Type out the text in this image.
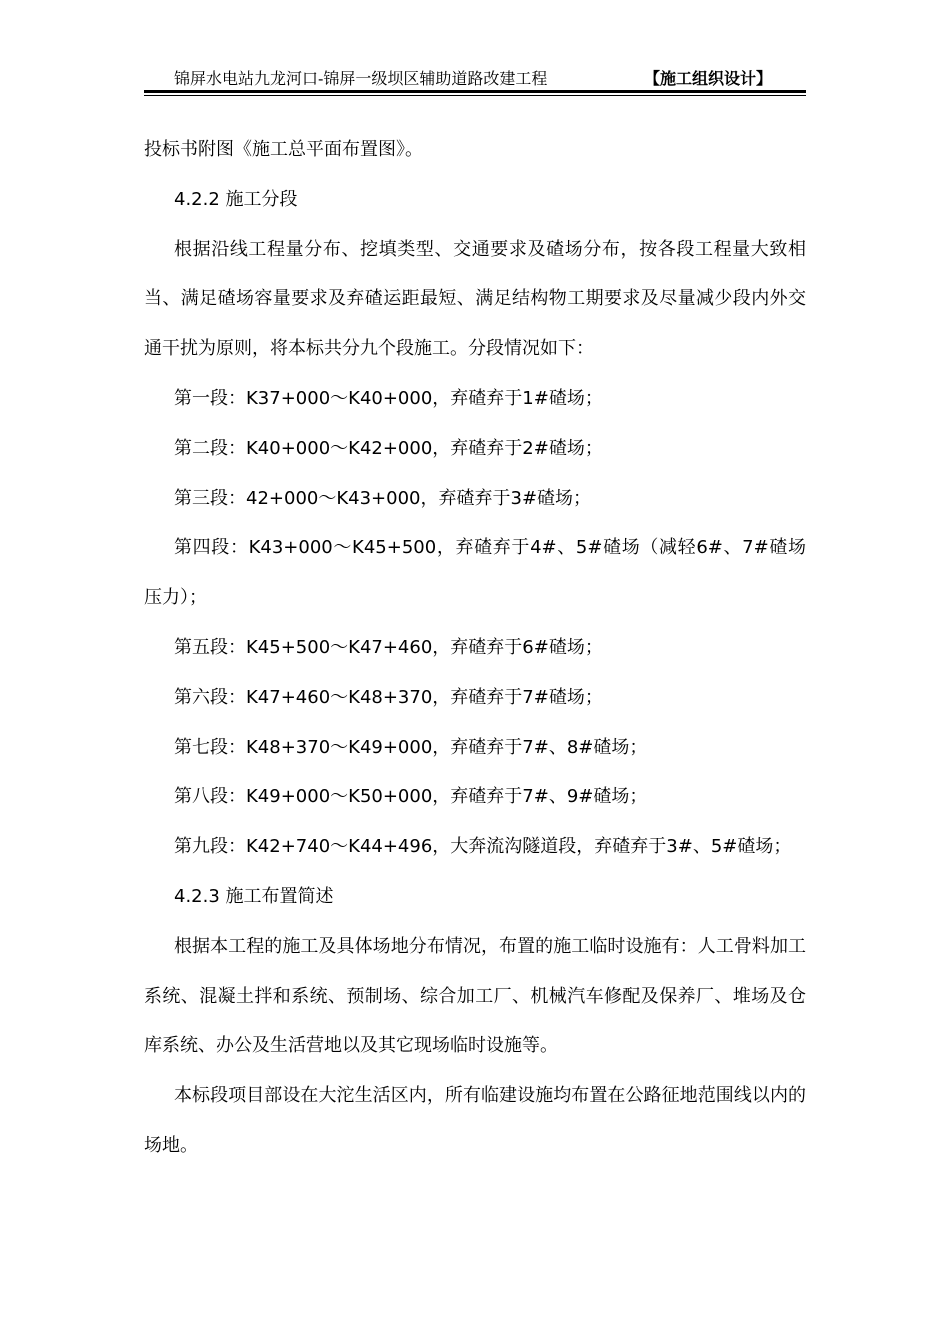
锦屏水电站九龙河口-锦屏一级坝区辅助道路改建工程	【施工组织设计】

投标书附图《施工总平面布置图》。

4.2.2 施工分段

根据沿线工程量分布、挖填类型、交通要求及碴场分布，按各段工程量大致相当、满足碴场容量要求及弃碴运距最短、满足结构物工期要求及尽量减少段内外交通干扰为原则，将本标共分九个段施工。分段情况如下：

第一段：K37+000～K40+000，弃碴弃于1#碴场；

第二段：K40+000～K42+000，弃碴弃于2#碴场；

第三段：42+000～K43+000，弃碴弃于3#碴场；

第四段：K43+000～K45+500，弃碴弃于4#、5#碴场（减轻6#、7#碴场压力）；

第五段：K45+500～K47+460，弃碴弃于6#碴场；

第六段：K47+460～K48+370，弃碴弃于7#碴场；

第七段：K48+370～K49+000，弃碴弃于7#、8#碴场；

第八段：K49+000～K50+000，弃碴弃于7#、9#碴场；

第九段：K42+740～K44+496，大奔流沟隧道段，弃碴弃于3#、5#碴场；

4.2.3 施工布置简述

根据本工程的施工及具体场地分布情况，布置的施工临时设施有：人工骨料加工系统、混凝土拌和系统、预制场、综合加工厂、机械汽车修配及保养厂、堆场及仓库系统、办公及生活营地以及其它现场临时设施等。

本标段项目部设在大沱生活区内，所有临建设施均布置在公路征地范围线以内的场地。
